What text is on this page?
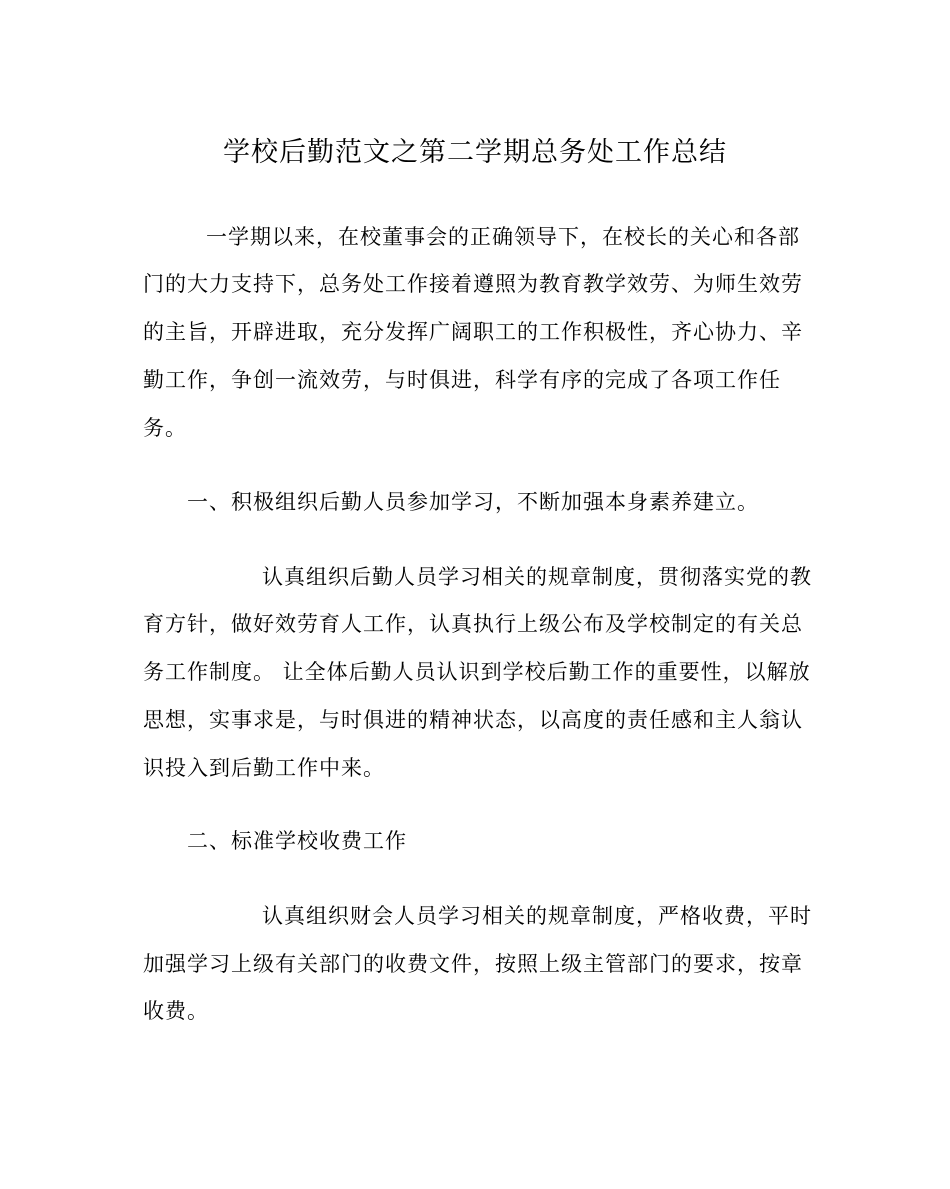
学校后勤范文之第二学期总务处工作总结
一学期以来，在校董事会的正确领导下，在校长的关心和各部
门的大力支持下，总务处工作接着遵照为教育教学效劳、为师生效劳
的主旨，开辟进取，充分发挥广阔职工的工作积极性，齐心协力、辛
勤工作，争创一流效劳，与时俱进，科学有序的完成了各项工作任
务。
一、积极组织后勤人员参加学习，不断加强本身素养建立。
认真组织后勤人员学习相关的规章制度，贯彻落实党的教
育方针，做好效劳育人工作，认真执行上级公布及学校制定的有关总
务工作制度。 让全体后勤人员认识到学校后勤工作的重要性，以解放
思想，实事求是，与时俱进的精神状态，以高度的责任感和主人翁认
识投入到后勤工作中来。
二、标准学校收费工作
认真组织财会人员学习相关的规章制度，严格收费，平时
加强学习上级有关部门的收费文件，按照上级主管部门的要求，按章
收费。
